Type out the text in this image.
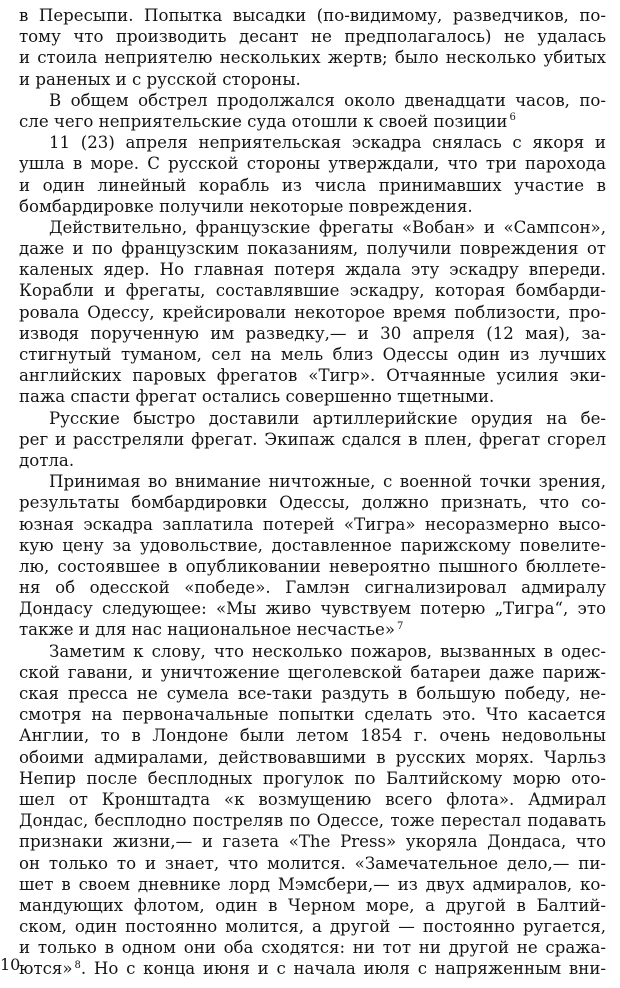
в Пересыпи. Попытка высадки (по-видимому, разведчиков, по-
тому что производить десант не предполагалось) не удалась
и стоила неприятелю нескольких жертв; было несколько убитых
и раненых и с русской стороны.
В общем обстрел продолжался около двенадцати часов, по-
сле чего неприятельские суда отошли к своей позиции $^6$
11 (23) апреля неприятельская эскадра снялась с якоря и
ушла в море. С русской стороны утверждали, что три парохода
и один линейный корабль из числа принимавших участие в
бомбардировке получили некоторые повреждения.
Действительно, французские фрегаты «Вобан» и «Сампсон»,
даже и по французским показаниям, получили повреждения от
каленых ядер. Но главная потеря ждала эту эскадру впереди.
Корабли и фрегаты, составлявшие эскадру, которая бомбарди-
ровала Одессу, крейсировали некоторое время поблизости, про-
изводя порученную им разведку,— и 30 апреля (12 мая), за-
стигнутый туманом, сел на мель близ Одессы один из лучших
английских паровых фрегатов «Тигр». Отчаянные усилия эки-
пажа спасти фрегат остались совершенно тщетными.
Русские быстро доставили артиллерийские орудия на бе-
рег и расстреляли фрегат. Экипаж сдался в плен, фрегат сгорел
дотла.
Принимая во внимание ничтожные, с военной точки зрения,
результаты бомбардировки Одессы, должно признать, что со-
юзная эскадра заплатила потерей «Тигра» несоразмерно высо-
кую цену за удовольствие, доставленное парижскому повелите-
лю, состоявшее в опубликовании невероятно пышного бюллете-
ня об одесской «победе». Гамлэн сигнализировал адмиралу
Дондасу следующее: «Мы живо чувствуем потерю „Тигра“, это
также и для нас национальное несчастье» $^7$
Заметим к слову, что несколько пожаров, вызванных в одес-
ской гавани, и уничтожение щеголевской батареи даже париж-
ская пресса не сумела все-таки раздуть в большую победу, не-
смотря на первоначальные попытки сделать это. Что касается
Англии, то в Лондоне были летом 1854 г. очень недовольны
обоими адмиралами, действовавшими в русских морях. Чарльз
Непир после бесплодных прогулок по Балтийскому морю ото-
шел от Кронштадта «к возмущению всего флота». Адмирал
Дондас, бесплодно постреляв по Одессе, тоже перестал подавать
признаки жизни,— и газета «The Press» укоряла Дондаса, что
он только то и знает, что молится. «Замечательное дело,— пи-
шет в своем дневнике лорд Мэмсбери,— из двух адмиралов, ко-
мандующих флотом, один в Черном море, а другой в Балтий-
ском, один постоянно молится, а другой — постоянно ругается,
и только в одном они оба сходятся: ни тот ни другой не сража-
ются» $^8$. Но с конца июня и с начала июля с напряженным вни-
10
